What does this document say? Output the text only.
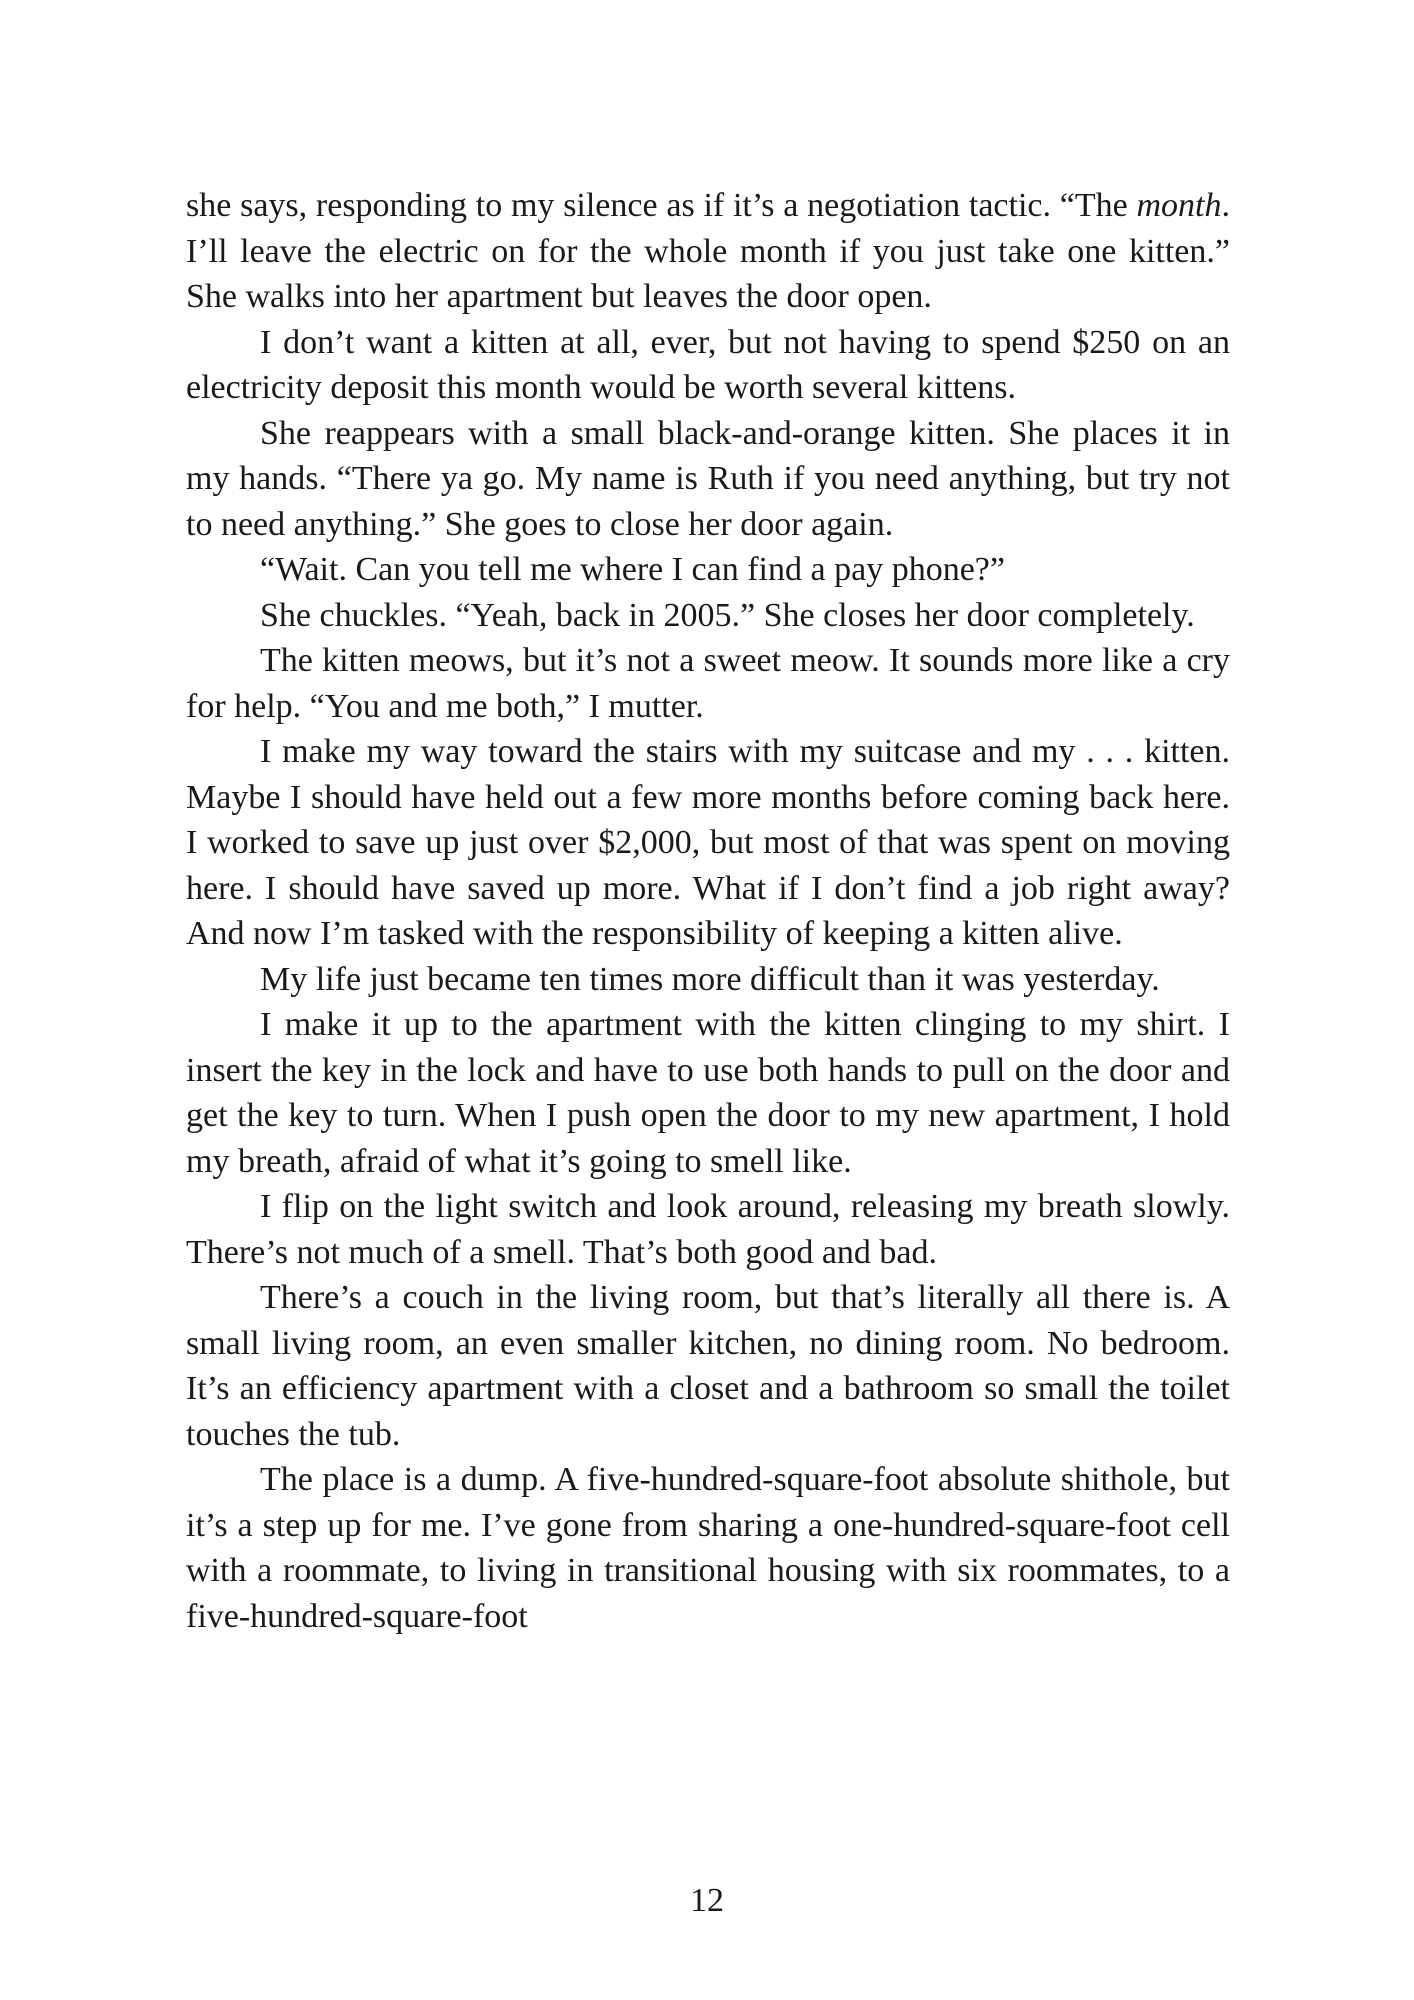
she says, responding to my silence as if it’s a negotiation tactic. “The month. I’ll leave the electric on for the whole month if you just take one kitten.” She walks into her apartment but leaves the door open.

I don’t want a kitten at all, ever, but not having to spend $250 on an electricity deposit this month would be worth several kittens.

She reappears with a small black-and-orange kitten. She places it in my hands. “There ya go. My name is Ruth if you need anything, but try not to need anything.” She goes to close her door again.

“Wait. Can you tell me where I can find a pay phone?”

She chuckles. “Yeah, back in 2005.” She closes her door completely.

The kitten meows, but it’s not a sweet meow. It sounds more like a cry for help. “You and me both,” I mutter.

I make my way toward the stairs with my suitcase and my . . . kitten. Maybe I should have held out a few more months before coming back here. I worked to save up just over $2,000, but most of that was spent on moving here. I should have saved up more. What if I don’t find a job right away? And now I’m tasked with the responsibility of keeping a kitten alive.

My life just became ten times more difficult than it was yesterday.

I make it up to the apartment with the kitten clinging to my shirt. I insert the key in the lock and have to use both hands to pull on the door and get the key to turn. When I push open the door to my new apartment, I hold my breath, afraid of what it’s going to smell like.

I flip on the light switch and look around, releasing my breath slowly. There’s not much of a smell. That’s both good and bad.

There’s a couch in the living room, but that’s literally all there is. A small living room, an even smaller kitchen, no dining room. No bedroom. It’s an efficiency apartment with a closet and a bathroom so small the toilet touches the tub.

The place is a dump. A five-hundred-square-foot absolute shithole, but it’s a step up for me. I’ve gone from sharing a one-hundred-square-foot cell with a roommate, to living in transitional housing with six roommates, to a five-hundred-square-foot

12
